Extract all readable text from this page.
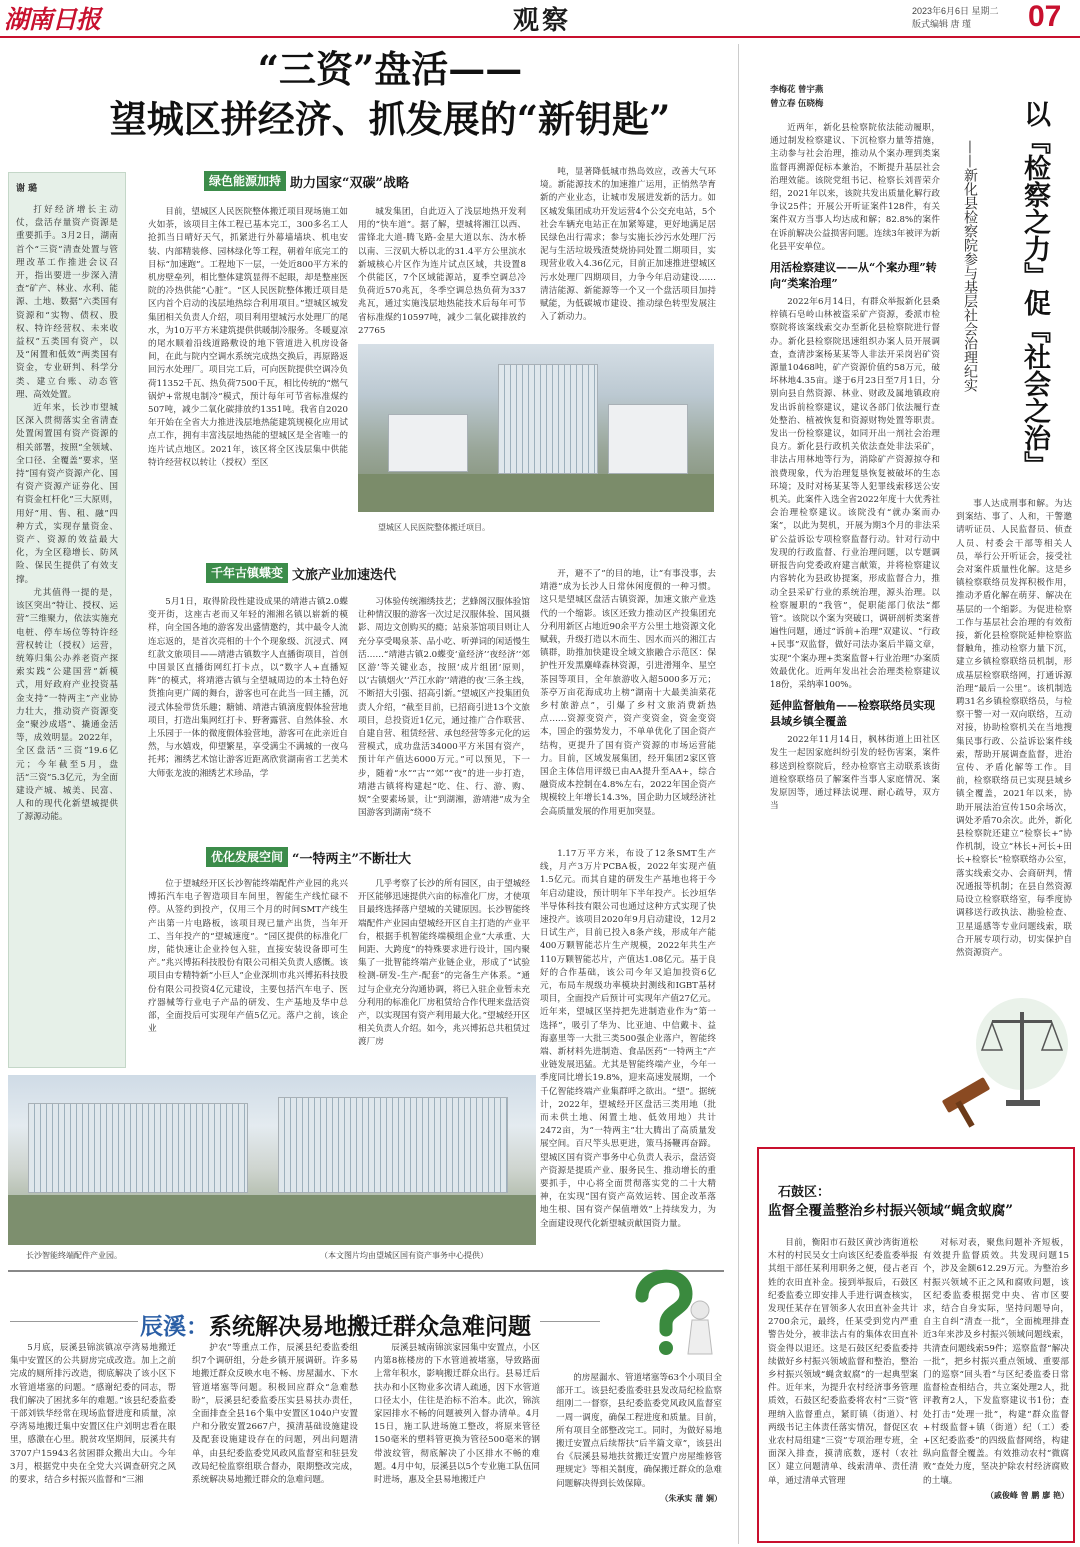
湖南日报	观察	2023年6月6日 星期二
版式编辑 唐 瑾	07
“三资”盘活——
望城区拼经济、抓发展的“新钥匙”
谢 璐

打好经济增长主动仗，盘活存量资产资源是重要抓手。3月2日，湖南首个“三资”清查处置与管理改革工作推进会议召开，指出要进一步深入清查“矿产、林业、水利、能源、土地、数据”六类国有资源和“实物、债权、股权、特许经营权、未来收益权”五类国有资产，以及“闲置和低效”两类国有资金，专业研判、科学分类、建立台账、动态管理、高效处置。

近年来，长沙市望城区深入贯彻落实全省清查处置闲置国有资产资源的相关部署，按照“全领域、全口径、全覆盖”要求，坚持“国有资产资源产化、国有资产资源产证券化、国有资金杠杆化”三大原则，用好“用、售、租、融”四种方式，实现存量资金、资产、资源的效益最大化，为全区稳增长、防风险、保民生提供了有效支撑。

尤其值得一提的是，该区突出“特让、授权、运营”三维聚力，依法实施充电桩、停车场位等特许经营权转让（授权）运营，统筹归集公办养老资产探索实践“公建国营”新模式，用好政府产业投资基金支持“一特两主”产业协力壮大，推动资产资源变金“聚沙成塔”、撬通金活等，成效明显。2022年，全区盘活“三资”19.6亿元；今年截至5月，盘活“三资”5.3亿元，为全面建设产城、城美、民富、人和的现代化新望城提供了源源动能。

绿色能源加持 助力国家“双碳”战略

目前，望城区人民医院整体搬迁项目现场施工如火如荼，该项目主体工程已基本完工，300多名工人抢抓当日晴好天气，抓紧进行外幕墙墙块、机电安装、内部精装修、园林绿化等工程，朝着年底完工的目标“加速跑”。工程地下一层，一处近800平方米的机房壁垒列，相比整体建筑显得不起眼，却是整座医院的冷热供能“心脏”。“区人民医院整体搬迁项目是区内首个启动的浅层地热综合利用项目。”望城区城发集团相关负责人介绍，项目利用望城污水处理厂的尾水，为10万平方米建筑提供供暖制冷服务。冬暖夏凉的尾水顺着沿线道路敷设的地下管道进入机房设备间，在此与院内空调水系统完成热交换后，再原路返回污水处理厂。项目完工后，可向医院提供空调冷负荷11352千瓦、热负荷7500千瓦，相比传统的“燃气锅炉+常规电制冷”模式，预计每年可节省标准煤约507吨，减少二氧化碳排放约1351吨。我省自2020年开始在全省大力推进浅层地热能建筑规模化应用试点工作，拥有丰富浅层地热能的望城区是全省唯一的连片试点地区。2021年，该区将全区浅层集中供能特许经营权以转让（授权）至区

城发集团，自此迈入了浅层地热开发利用的“快车道”。据了解，望城将湘江以西、雷锋北大道-腾飞路-金星大道以东、沩水桥以南、三汊矶大桥以北的31.4平方公里滨水新城核心片区作为连片试点区域，共设置8个供能区，7个区域能源站，夏季空调总冷负荷近570兆瓦，冬季空调总热负荷为337兆瓦，通过实施浅层地热能技术后每年可节省标准煤约10597吨，减少二氧化碳排放约27765

吨，显著降低城市热岛效应，改善大气环境。新能源技术的加速推广运用，正悄然孕育新的产业业态，让城市发展进发新的活力。如区城发集团成功开发运营4个公交充电站，5个社会车辆充电站正在加紧筹建，更好地满足居民绿色出行需求；参与实施长沙污水处理厂污泥与生活垃圾残渣焚烧协同处置二期项目，实现营业收入4.36亿元，目前正加速推进望城区污水处理厂四期项目，力争今年启动建设……清洁能源、新能源等一个又一个盘活项目加持赋能，为低碳城市建设、推动绿色转型发展注入了新动力。

望城区人民医院整体搬迁项目。
千年古镇蝶变 文旅产业加速迭代

5月1日，取得阶段性建设成果的靖港古镇2.0蝶变开街，这座古老而又年轻的湘湘名镇以崭新的模样，向全国各地的游客发出盛情邀约，其中最令人流连忘返的，是首次亮相的十个个现象级、沉浸式、网红款文旅项目——靖港古镇数字人直播街项目，首创中国景区直播街网红打卡点，以“数字人+直播短阵”的模式，将靖港古镇与全望城周边的本土特色好货推向更广阔的舞台，游客也可在此当一回主播，沉浸式体验带货乐趣；糖铺、靖港古镇滴度假体验营地项目，打造出集网红打卡、野奢露营、自然体验、水上乐园于一体的微度假体验营地，游客可在此亲近自然，与水嬉戏，仰望繁星，享受满尘不满城的一夜乌托邦；湘绣艺术馆让游客近距离欣赏湖南省工艺美术大师张龙波的湘绣艺术珍品，学

习体验传统湘绣技艺；艺蜂阁汉服体验馆让种情汉服的游客一次过足汉服体验、国风摄影、周边文创购买的瘾；站泉茶馆项目则让人充分享受喝泉茶、品小吃、听弹词的闲适慢生活……“靖港古镇2.0蝶变‘童经济’‘夜经济’‘郊区游’等关键业态，按照‘成片组团’原则，以‘古镇烟火’‘芦江水韵’‘靖港的夜’三条主线，不断招大引强、招高引新。”望城区产投集团负责人介绍，“截至目前，已招商引进13个文旅项目，总投资近1亿元，通过推广合作联营、自建自营、租赁经营、承包经营等多元化的运营模式，成功盘活34000平方米国有资产，预计年产值达6000万元。”可以预见，下一步，随着“水”“古”“郊”“夜”的进一步打造，靖港古镇将构建起“吃、住、行、游、购、娱”全要素场景，让“到湖湘，游靖港”成为全国游客到湖南“绕不

开，避不了”的目的地，让“有事没事，去靖港”成为长沙人日常休闲度假的一种习惯。这只是望城区盘活古镇资源，加速文旅产业迭代的一个缩影。该区还致力推动区产投集团充分利用新区占地近90余平方公里土地资源文化赋载，升级打造以木而生、因水而兴的湘江古镇群，助推加快建设全域文旅融合示范区：保护性开发黑麋峰森林资源，引进滑翔伞、星空茶园等项目，全年旅游收入超5000多万元；茶亭万亩花海成功上榜“湖南十大最美油菜花乡村旅游点”，引爆了乡村文旅消费新热点……资源变资产，资产变资金，资金变资本，国企的强势发力，不单单优化了国企资产结构，更提升了国有资产资源的市场运营能力。目前，区域发展集团，经开集团2家区管国企主体信用评级已由AA提升至AA+，综合融资成本控制在4.8%左右，2022年国企资产规模较上年增长14.3%，国企助力区域经济社会高质量发展的作用更加突显。

优化发展空间 “一特两主”不断壮大

位于望城经开区长沙智能终端配件产业园的兆兴博拓汽车电子智造项目车间里，智能生产线忙碌不停。从签约到投产，仅用三个月的时间SMT产线生产出第一片电路板，该项目现已量产出货，当年开工、当年投产的“望城速度”。“园区提供的标准化厂房，能快速让企业拎包入驻，直接安装设备即可生产。”兆兴博拓科技股份有限公司相关负责人感慨。该项目由专精特新“小巨人”企业深圳市兆兴博拓科技股份有限公司投资4亿元建设，主要包括汽车电子、医疗器械等行业电子产品的研发、生产基地及华中总部，全面投后可实现年产值5亿元。落户之前，该企业

几乎考察了长沙的所有园区，由于望城经开区能够迅速提供六亩的标准化厂房，才使项目最终选择落户望城的关键原因。长沙智能终端配件产业园由望城经开区自主打造的产业平台，根据手机智能终端模组企业“大承重、大间距、大跨度”的特殊要求进行设计，国内聚集了一批智能终端产业链企业，形成了“试验检测-研发-生产-配套”的完备生产体系。“通过与企业充分沟通协调，将已入驻企业暂未充分利用的标准化厂房租赁给合作代理来盘活资产，以实现国有资产利用最大化。”望城经开区相关负责人介绍。如今，兆兴博拓总共租赁过渡厂房

1.17万平方米，布设了12条SMT生产线，月产3万片PCBA板，2022年实现产值1.5亿元。而其自建的研发生产基地也将于今年启动建设，预计明年下半年投产。长沙垣华半导体科技有限公司也通过这种方式实现了快速投产。该项目2020年9月启动建设，12月2日试生产，目前已投入8条产线，形成年产能400万颗智能芯片生产规模，2022年共生产110万颗智能芯片，产值达1.08亿元。基于良好的合作基础，该公司今年又追加投资6亿元，布局车规级功率模块封测线和IGBT基材项目，全面投产后预计可实现年产值27亿元。近年来，望城区坚持把先进制造业作为“第一选择”，吸引了华为、比亚迪、中信戴卡、益海嘉里等一大批三类500强企业落户，智能终端、新材料先进制造、食品医药“一特两主”产业链发展迅猛。尤其是智能终端产业，今年一季度同比增长19.8%，迎来高速发展期，一个千亿智能终端产业集群呼之欲出。“望”。据统计，2022年，望城经开区盘活三类用地（批而未供土地、闲置土地、低效用地）共计2472亩，为“一特两主”壮大腾出了高质量发展空间。百尺竿头思更进，策马扬鞭再奋蹄。望城区国有资产事务中心负责人表示，盘活资产资源是提质产业、服务民生、推动增长的重要抓手，中心将全面贯彻落实党的二十大精神，在实现“国有资产高效运转、国企改革落地生根、国有资产保值增效”上持续发力，为全面建设现代化新望城贡献国资力量。

长沙智能终端配件产业园。	（本文图片均由望城区国有资产事务中心提供）
辰溪：系统解决易地搬迁群众急难问题

5月底，辰溪县锦滨镇凉亭湾易地搬迁集中安置区的公共厨房完成改造。加上之前完成的厕所排污改造，彻底解决了该小区下水管道堵塞的问题。“感谢纪委的同志，帮我们解决了困扰多年的难题。”该县纪委监委干部刘铁华经常在现场监督进度和质量，凉亭湾易地搬迁集中安置区住户刘明忠看在眼里，感激在心里。脱贫攻坚期间，辰溪共有3707户15943名贫困群众搬出大山。今年3月，根据党中央在全党大兴调查研究之风的要求，结合乡村振兴监督和“三湘

护农”等重点工作，辰溪县纪委监委组织7个调研组，分赴乡镇开展调研。许多易地搬迁群众反映水电不畅、房屋漏水、下水管道堵塞等问题。积极回应群众“急难愁盼”，辰溪县纪委监委压实县易扶办责任，全面排查全县16个集中安置区1040户安置户和分散安置2667户，摸清基础设施建设及配套设施建设存在的问题，列出问题清单，由县纪委监委党风政风监督室和驻县发改局纪检监察组联合督办，限期整改完成，系统解决易地搬迁群众的急难问题。

辰溪县城南锦滨家园集中安置点，小区内第8栋楼房的下水管道被堵塞，导致路面上常年积水，影响搬迁群众出行。县易迁后扶办和小区物业多次请人疏通，因下水管道口径太小，住往是治标不治本。此次，锦滨家园排水不畅的问题被列入督办清单。4月15日，施工队进场施工整改，将原来管径150毫米的塑料管更换为管径500毫米的钢带波纹管，彻底解决了小区排水不畅的难题。4月中旬，辰溪县以5个专业施工队伍同时进场，惠及全县易地搬迁户

的房屋漏水、管道堵塞等63个小项目全部开工。该县纪委监委驻县发改局纪检监察组刚二一督察，县纪委监委党风政风监督室一周一调度，确保工程进度和质量。目前，所有项目全部整改完工。同时，为做好易地搬迁安置点后续帮扶“后半篇文章”，该县出台《辰溪县易地扶贫搬迁安置户房屋维修管理规定》等相关制度，确保搬迁群众的急难问题解决得到长效保障。

（朱承实 蒲 娴）
以『检察之力』促『社会之治』
——新化县检察院参与基层社会治理纪实
李梅花 曾宇燕
曾立春 伍晓梅

近两年，新化县检察院依法能动履职，通过制发检察建议、下沉检察力量等措施，主动参与社会治理，推动从个案办理到类案监督再溯源促标本兼治，不断提升基层社会治理效能。该院党组书记、检察长刘晋荣介绍，2021年以来，该院共发出质量化解行政争议25件；开展公开听证案件128件，有关案件双方当事人均达成和解；82.8%的案件在诉前解决公益损害问题。连续3年被评为新化县平安单位。

用活检察建议——从“个案办理”转向“类案治理”

2022年6月14日，有群众举报新化县桑梓镇石皂岭山林被盗采矿产资源，委派市检察院将该案线索交办至新化县检察院进行督办。新化县检察院迅速组织办案人员开展调查，查清涉案杨某某等人非法开采岗岩矿资源量10468吨，矿产资源价值约58万元，破坏林地4.35亩。遂于6月23日至7月1日，分别向县自然资源、林业、财政及属地镇政府发出诉前检察建议，建议各部门依法履行查处整治、植被恢复和资源财物处置等职责。发出一份检察建议，如同开出一剂社会治理良方。新化县行政机关依法查处非法采矿，非法占用林地等行为，消除矿产资源掠夺和浪费现象，代为治理复垦恢复被破坏的生态环境；及时对杨某某等人犯罪线索移送公安机关。此案件入选全省2022年度十大优秀社会治理检察建议。该院没有“就办案而办案”，以此为契机，开展为期3个月的非法采矿公益诉讼专项检察监督行动。针对行动中发现的行政监督、行业治理问题，以专题调研报告向党委政府建言献策，并将检察建议内容转化为县政协提案，形成监督合力，推动全县采矿行业的系统治理，源头治理。以检察履职的“我管”，促职能部门依法“都管”。该院以个案为突破口，调研剖析类案普遍性问题，通过“诉前+治理”双建议、“行政+民事”双监督，做好司法办案后半篇文章，实现“个案办理+类案监督+行业治理”办案质效最优化。近两年发出社会治理类检察建议18份，采纳率100%。

延伸监督触角——检察联络员实现县域乡镇全覆盖

2022年11月14日，枫林街道上田社区发生一起因家庭纠纷引发的轻伤害案，案件移送到检察院后，经办检察官主动联系该街道检察联络员了解案件当事人家庭情况、案发原因等，通过释法说理、耐心疏导，双方当

事人达成刑事和解。为达到案结、事了、人和，干警邀请听证员、人民监督员、侦查人员、村委会干部等相关人员，举行公开听证会，接受社会对案件质量性化解。这是乡镇检察联络员发挥积极作用，推动矛盾化解在萌芽、解决在基层的一个缩影。为促进检察工作与基层社会治理的有效衔接，新化县检察院延伸检察监督触角，推动检察力量下沉，建立乡镇检察联络员机制，形成基层检察联络网，打通诉源治理“最后一公里”。该机制选聘31名乡镇检察联络员，与检察干警一对一双向联络，互动对接，协助检察机关在当地搜集民事行政、公益诉讼案件线索，帮助开展调查监督，进治宣传、矛盾化解等工作。目前，检察联络员已实现县域乡镇全覆盖，2021年以来，协助开展法治宣传150余场次，调处矛盾70余次。此外，新化县检察院还建立“检察长+”协作机制，设立“林长+河长+田长+检察长”检察联络办公室，落实线索交办、会商研判，情况通报等机制；在县自然资源局设立检察联络室，每季度协调移送行政执法、勘验检查、卫星遥感等专业问题线索，联合开展专项行动，切实保护自然资源资产。

石鼓区：
监督全覆盖整治乡村振兴领域“蝇贪蚁腐”

目前，衡阳市石鼓区黄沙湾街道松木村的村民吴女士向该区纪委监委举报其组干部任某利用职务之便，侵占老百姓的农田直补金。接到举报后，石鼓区纪委监委立即安排人手进行调查核实，发现任某存在冒领多人农田直补金共计2700余元，最终，任某受到党内严重警告处分，被非法占有的集体农田直补资金得以退还。这是石鼓区纪委监委持续做好乡村振兴领域监督和整治，整治乡村振兴领域“蝇贪蚁腐”的一起典型案件。近年来，为提升农村经济事务管理质效，石鼓区纪委监委将农村“三资”管理纳入监督重点，紧盯镇（街道）、村两级书记主体责任落实情况，督促区农业农村局组建“三资”专项治理专班，全面深入排查，摸清底数，逐村（农社区）建立问题清单、线索清单、责任清单，通过清单式管理

对标对表，聚焦问题补齐短板，有效提升监督质效。共发现问题15个，涉及金额612.29万元。为整治乡村振兴领域不正之风和腐败问题，该区纪委监委根据党中央、省市区要求，结合自身实际，坚持问题导向，自主自纠“清查一批”，全面梳理排查近3年来涉及乡村振兴领域问题线索，共清查问题线索59件；巡察监督“解决一批”，把乡村振兴重点领域、重要部门的巡察“回头看”与区纪委监委日常监督检查相结合，共立案处理2人，批评教育2人，下发监察建议书1份；查处打击“处理一批”，构建“群众监督+村级监督+镇（街道）纪（工）委+区纪委监委”的四级监督网络，构建纵向监督全覆盖。有效推动农村“微腐败”查处力度，坚决护除农村经济腐败的土壤。

（戚俊峰 曾 鹏 廖 艳）
